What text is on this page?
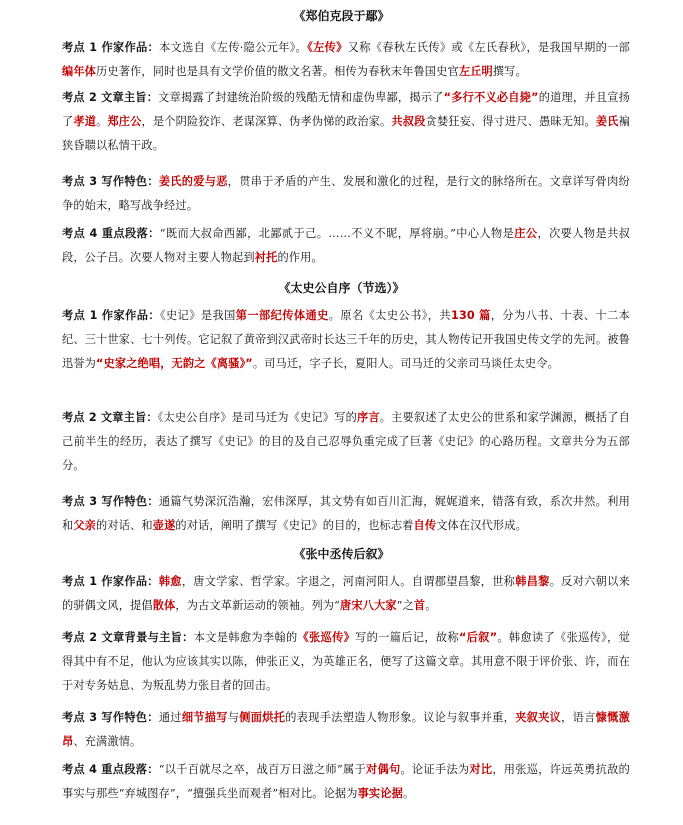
《郑伯克段于鄢》
考点 1 作家作品：本文选自《左传·隐公元年》。《左传》又称《春秋左氏传》或《左氏春秋》，是我国早期的一部编年体历史著作，同时也是具有文学价值的散文名著。相传为春秋末年鲁国史官左丘明撰写。
考点 2 文章主旨：文章揭露了封建统治阶级的残酷无情和虚伪卑鄙，揭示了“多行不义必自毙”的道理，并且宣扬了孝道。郑庄公，是个阴险狡诈、老谋深算、伪孝伪悌的政治家。共叔段贪婪狂妄、得寸进尺、愚昧无知。姜氏褊狭昏聩以私情干政。
考点 3 写作特色：姜氏的爱与恶，贯串于矛盾的产生、发展和激化的过程，是行文的脉络所在。文章详写骨肉纷争的始末，略写战争经过。
考点 4 重点段落：“既而大叔命西鄙，北鄙贰于己。……不义不昵，厚将崩。”中心人物是庄公，次要人物是共叔段，公子吕。次要人物对主要人物起到衬托的作用。
《太史公自序（节选）》
考点 1 作家作品：《史记》是我国第一部纪传体通史。原名《太史公书》，共130 篇，分为八书、十表、十二本纪、三十世家、七十列传。它记叙了黄帝到汉武帝时长达三千年的历史，其人物传记开我国史传文学的先河。被鲁迅誉为“史家之绝唱，无韵之《离骚》”。司马迁，字子长，夏阳人。司马迁的父亲司马谈任太史令。
考点 2 文章主旨：《太史公自序》是司马迁为《史记》写的序言。主要叙述了太史公的世系和家学渊源，概括了自己前半生的经历，表达了撰写《史记》的目的及自己忍辱负重完成了巨著《史记》的心路历程。文章共分为五部分。
考点 3 写作特色：通篇气势深沉浩瀚，宏伟深厚，其文势有如百川汇海，娓娓道来，错落有致，系次井然。利用和父亲的对话、和壶遂的对话，阐明了撰写《史记》的目的，也标志着自传文体在汉代形成。
《张中丞传后叙》
考点 1 作家作品：韩愈，唐文学家、哲学家。字退之，河南河阳人。自谓郡望昌黎，世称韩昌黎。反对六朝以来的骈偶文风，提倡散体，为古文革新运动的领袖。列为“唐宋八大家”之首。
考点 2 文章背景与主旨：本文是韩愈为李翰的《张巡传》写的一篇后记，故称“后叙”。韩愈读了《张巡传》，觉得其中有不足，他认为应该其实以陈，伸张正义，为英雄正名，便写了这篇文章。其用意不限于评价张、许，而在于对专务姑息、为叛乱势力张目者的回击。
考点 3 写作特色：通过细节描写与侧面烘托的表现手法塑造人物形象。议论与叙事并重，夹叙夹议，语言慷慨激昂、充满激情。
考点 4 重点段落：“以千百就尽之卒，战百万日滋之师”属于对偶句。论证手法为对比，用张巡，许远英勇抗敌的事实与那些“弃城图存”，“擅强兵坐而观者”相对比。论据为事实论据。
